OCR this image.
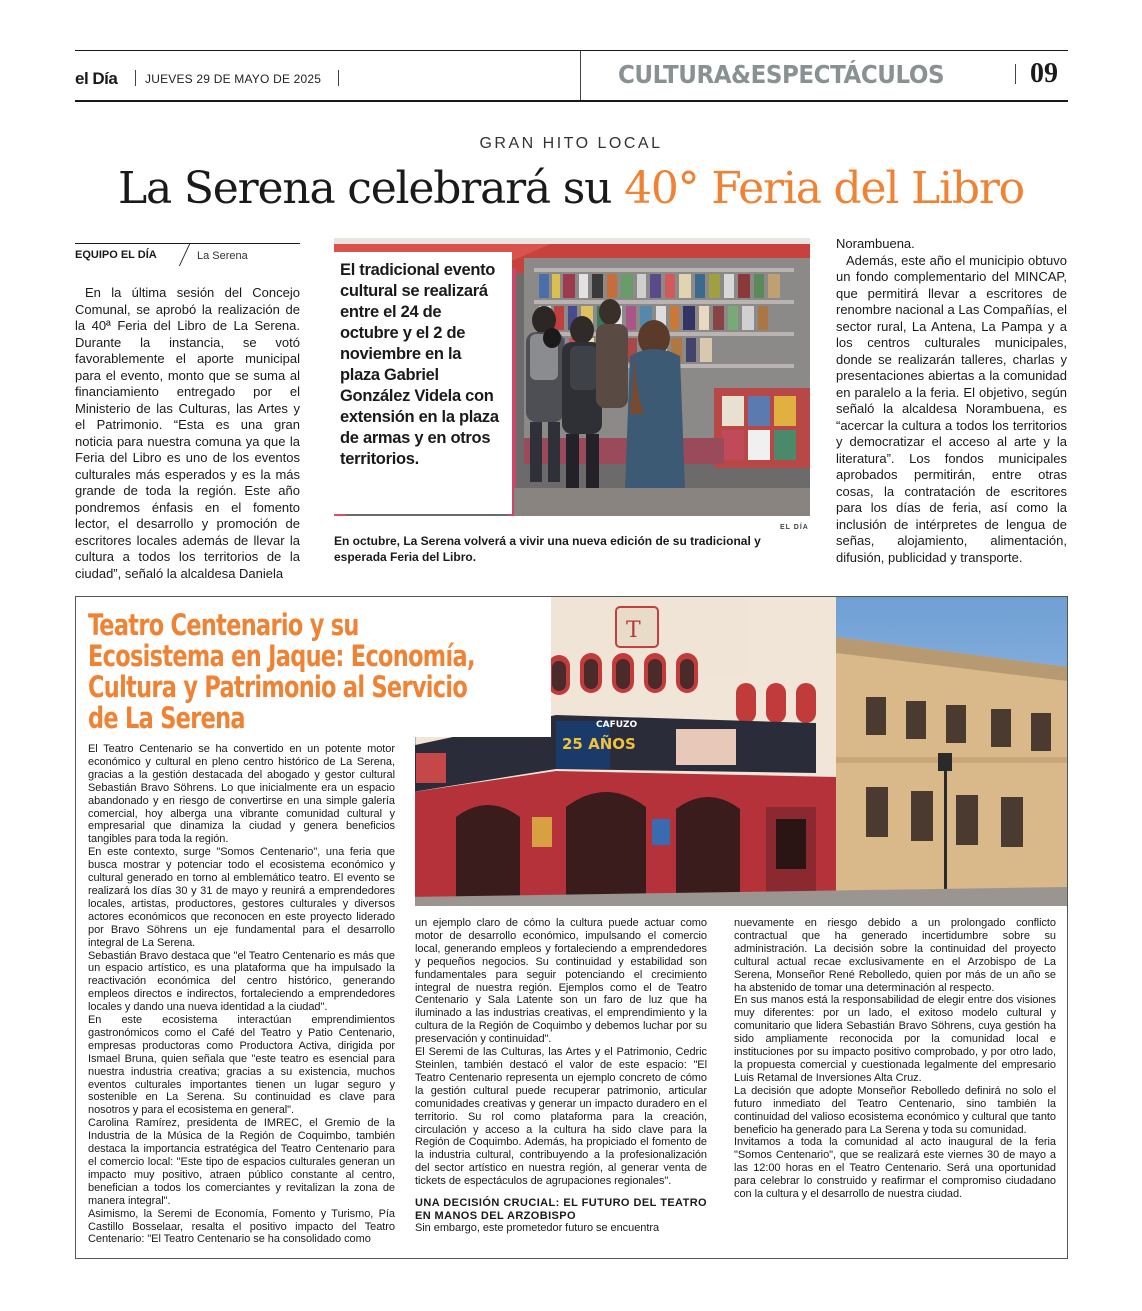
el Día JUEVES 29 DE MAYO DE 2025	CULTURA&ESPECTÁCULOS	09
GRAN HITO LOCAL
La Serena celebrará su 40° Feria del Libro
EQUIPO EL DÍA	La Serena

En la última sesión del Concejo Comunal, se aprobó la realización de la 40ª Feria del Libro de La Serena. Durante la instancia, se votó favorablemente el aporte municipal para el evento, monto que se suma al financiamiento entregado por el Ministerio de las Culturas, las Artes y el Patrimonio. “Esta es una gran noticia para nuestra comuna ya que la Feria del Libro es uno de los eventos culturales más esperados y es la más grande de toda la región. Este año pondremos énfasis en el fomento lector, el desarrollo y promoción de escritores locales además de llevar la cultura a todos los territorios de la ciudad”, señaló la alcaldesa Daniela

El tradicional evento cultural se realizará entre el 24 de octubre y el 2 de noviembre en la plaza Gabriel González Videla con extensión en la plaza de armas y en otros territorios.
EL DÍA
En octubre, La Serena volverá a vivir una nueva edición de su tradicional y esperada Feria del Libro.

Norambuena.

Además, este año el municipio obtuvo un fondo complementario del MINCAP, que permitirá llevar a escritores de renombre nacional a Las Compañías, el sector rural, La Antena, La Pampa y a los centros culturales municipales, donde se realizarán talleres, charlas y presentaciones abiertas a la comunidad en paralelo a la feria. El objetivo, según señaló la alcaldesa Norambuena, es “acercar la cultura a todos los territorios y democratizar el acceso al arte y la literatura”. Los fondos municipales aprobados permitirán, entre otras cosas, la contratación de escritores para los días de feria, así como la inclusión de intérpretes de lengua de señas, alojamiento, alimentación, difusión, publicidad y transporte.

T
25 AÑOS
CAFUZO
Teatro Centenario y su Ecosistema en Jaque: Economía, Cultura y Patrimonio al Servicio de La Serena

El Teatro Centenario se ha convertido en un potente motor económico y cultural en pleno centro histórico de La Serena, gracias a la gestión destacada del abogado y gestor cultural Sebastián Bravo Söhrens. Lo que inicialmente era un espacio abandonado y en riesgo de convertirse en una simple galería comercial, hoy alberga una vibrante comunidad cultural y empresarial que dinamiza la ciudad y genera beneficios tangibles para toda la región.

En este contexto, surge "Somos Centenario", una feria que busca mostrar y potenciar todo el ecosistema económico y cultural generado en torno al emblemático teatro. El evento se realizará los días 30 y 31 de mayo y reunirá a emprendedores locales, artistas, productores, gestores culturales y diversos actores económicos que reconocen en este proyecto liderado por Bravo Söhrens un eje fundamental para el desarrollo integral de La Serena.

Sebastián Bravo destaca que "el Teatro Centenario es más que un espacio artístico, es una plataforma que ha impulsado la reactivación económica del centro histórico, generando empleos directos e indirectos, fortaleciendo a emprendedores locales y dando una nueva identidad a la ciudad".

En este ecosistema interactúan emprendimientos gastronómicos como el Café del Teatro y Patio Centenario, empresas productoras como Productora Activa, dirigida por Ismael Bruna, quien señala que "este teatro es esencial para nuestra industria creativa; gracias a su existencia, muchos eventos culturales importantes tienen un lugar seguro y sostenible en La Serena. Su continuidad es clave para nosotros y para el ecosistema en general".

Carolina Ramírez, presidenta de IMREC, el Gremio de la Industria de la Música de la Región de Coquimbo, también destaca la importancia estratégica del Teatro Centenario para el comercio local: "Este tipo de espacios culturales generan un impacto muy positivo, atraen público constante al centro, benefician a todos los comerciantes y revitalizan la zona de manera integral".

Asimismo, la Seremi de Economía, Fomento y Turismo, Pía Castillo Bosselaar, resalta el positivo impacto del Teatro Centenario: "El Teatro Centenario se ha consolidado como

un ejemplo claro de cómo la cultura puede actuar como motor de desarrollo económico, impulsando el comercio local, generando empleos y fortaleciendo a emprendedores y pequeños negocios. Su continuidad y estabilidad son fundamentales para seguir potenciando el crecimiento integral de nuestra región. Ejemplos como el de Teatro Centenario y Sala Latente son un faro de luz que ha iluminado a las industrias creativas, el emprendimiento y la cultura de la Región de Coquimbo y debemos luchar por su preservación y continuidad".

El Seremi de las Culturas, las Artes y el Patrimonio, Cedric Steinlen, también destacó el valor de este espacio: "El Teatro Centenario representa un ejemplo concreto de cómo la gestión cultural puede recuperar patrimonio, articular comunidades creativas y generar un impacto duradero en el territorio. Su rol como plataforma para la creación, circulación y acceso a la cultura ha sido clave para la Región de Coquimbo. Además, ha propiciado el fomento de la industria cultural, contribuyendo a la profesionalización del sector artístico en nuestra región, al generar venta de tickets de espectáculos de agrupaciones regionales".

UNA DECISIÓN CRUCIAL: EL FUTURO DEL TEATRO EN MANOS DEL ARZOBISPO

Sin embargo, este prometedor futuro se encuentra

nuevamente en riesgo debido a un prolongado conflicto contractual que ha generado incertidumbre sobre su administración. La decisión sobre la continuidad del proyecto cultural actual recae exclusivamente en el Arzobispo de La Serena, Monseñor René Rebolledo, quien por más de un año se ha abstenido de tomar una determinación al respecto.

En sus manos está la responsabilidad de elegir entre dos visiones muy diferentes: por un lado, el exitoso modelo cultural y comunitario que lidera Sebastián Bravo Söhrens, cuya gestión ha sido ampliamente reconocida por la comunidad local e instituciones por su impacto positivo comprobado, y por otro lado, la propuesta comercial y cuestionada legalmente del empresario Luis Retamal de Inversiones Alta Cruz.

La decisión que adopte Monseñor Rebolledo definirá no solo el futuro inmediato del Teatro Centenario, sino también la continuidad del valioso ecosistema económico y cultural que tanto beneficio ha generado para La Serena y toda su comunidad.

Invitamos a toda la comunidad al acto inaugural de la feria "Somos Centenario", que se realizará este viernes 30 de mayo a las 12:00 horas en el Teatro Centenario. Será una oportunidad para celebrar lo construido y reafirmar el compromiso ciudadano con la cultura y el desarrollo de nuestra ciudad.
